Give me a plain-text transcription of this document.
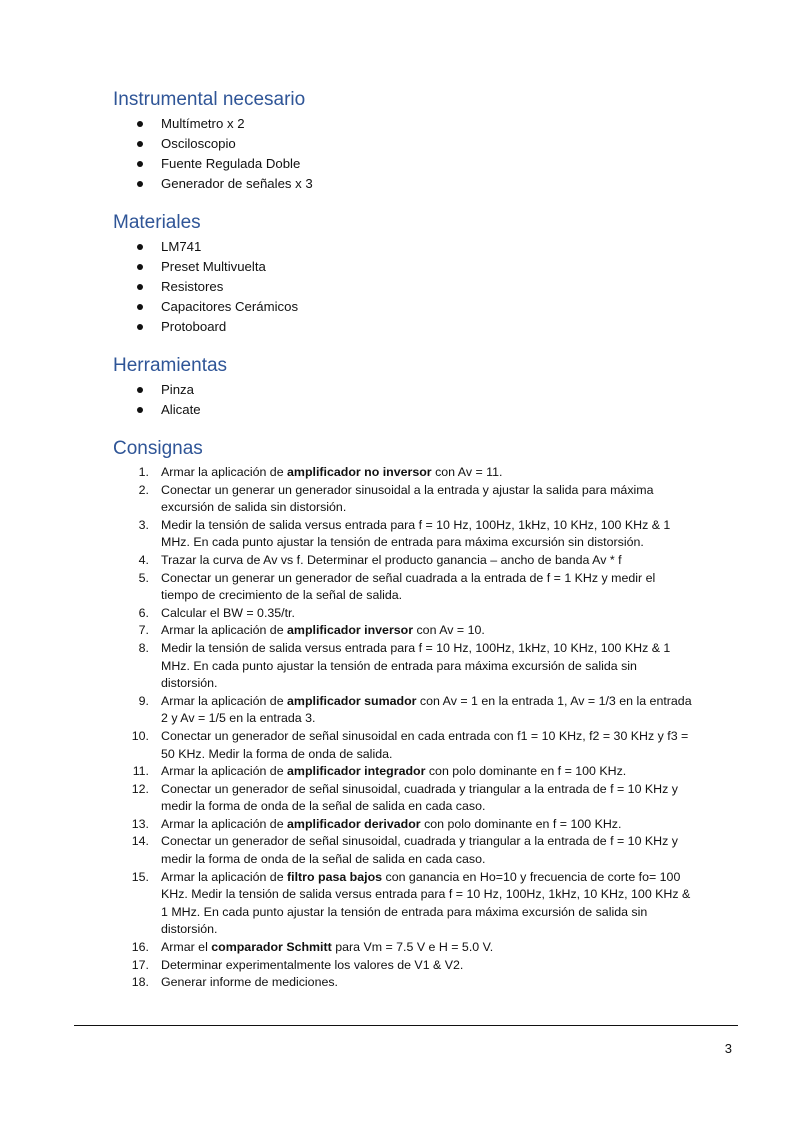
Instrumental necesario
Multímetro x 2
Osciloscopio
Fuente Regulada Doble
Generador de señales x 3
Materiales
LM741
Preset Multivuelta
Resistores
Capacitores Cerámicos
Protoboard
Herramientas
Pinza
Alicate
Consignas
1. Armar la aplicación de amplificador no inversor con Av = 11.
2. Conectar un generar un generador sinusoidal a la entrada y ajustar la salida para máxima excursión de salida sin distorsión.
3. Medir la tensión de salida versus entrada para f = 10 Hz, 100Hz, 1kHz, 10 KHz, 100 KHz & 1 MHz. En cada punto ajustar la tensión de entrada para máxima excursión sin distorsión.
4. Trazar la curva de Av vs f. Determinar el producto ganancia – ancho de banda Av * f
5. Conectar un generar un generador de señal cuadrada a la entrada de f = 1 KHz y medir el tiempo de crecimiento de la señal de salida.
6. Calcular el BW = 0.35/tr.
7. Armar la aplicación de amplificador inversor con Av = 10.
8. Medir la tensión de salida versus entrada para f = 10 Hz, 100Hz, 1kHz, 10 KHz, 100 KHz & 1 MHz. En cada punto ajustar la tensión de entrada para máxima excursión de salida sin distorsión.
9. Armar la aplicación de amplificador sumador con Av = 1 en la entrada 1, Av = 1/3 en la entrada 2 y Av = 1/5 en la entrada 3.
10. Conectar un generador de señal sinusoidal en cada entrada con f1 = 10 KHz, f2 = 30 KHz y f3 = 50 KHz. Medir la forma de onda de salida.
11. Armar la aplicación de amplificador integrador con polo dominante en f = 100 KHz.
12. Conectar un generador de señal sinusoidal, cuadrada y triangular a la entrada de f = 10 KHz y medir la forma de onda de la señal de salida en cada caso.
13. Armar la aplicación de amplificador derivador con polo dominante en f = 100 KHz.
14. Conectar un generador de señal sinusoidal, cuadrada y triangular a la entrada de f = 10 KHz y medir la forma de onda de la señal de salida en cada caso.
15. Armar la aplicación de filtro pasa bajos con ganancia en Ho=10 y frecuencia de corte fo= 100 KHz. Medir la tensión de salida versus entrada para f = 10 Hz, 100Hz, 1kHz, 10 KHz, 100 KHz & 1 MHz. En cada punto ajustar la tensión de entrada para máxima excursión de salida sin distorsión.
16. Armar el comparador Schmitt para Vm = 7.5 V e H = 5.0 V.
17. Determinar experimentalmente los valores de V1 & V2.
18. Generar informe de mediciones.
3
